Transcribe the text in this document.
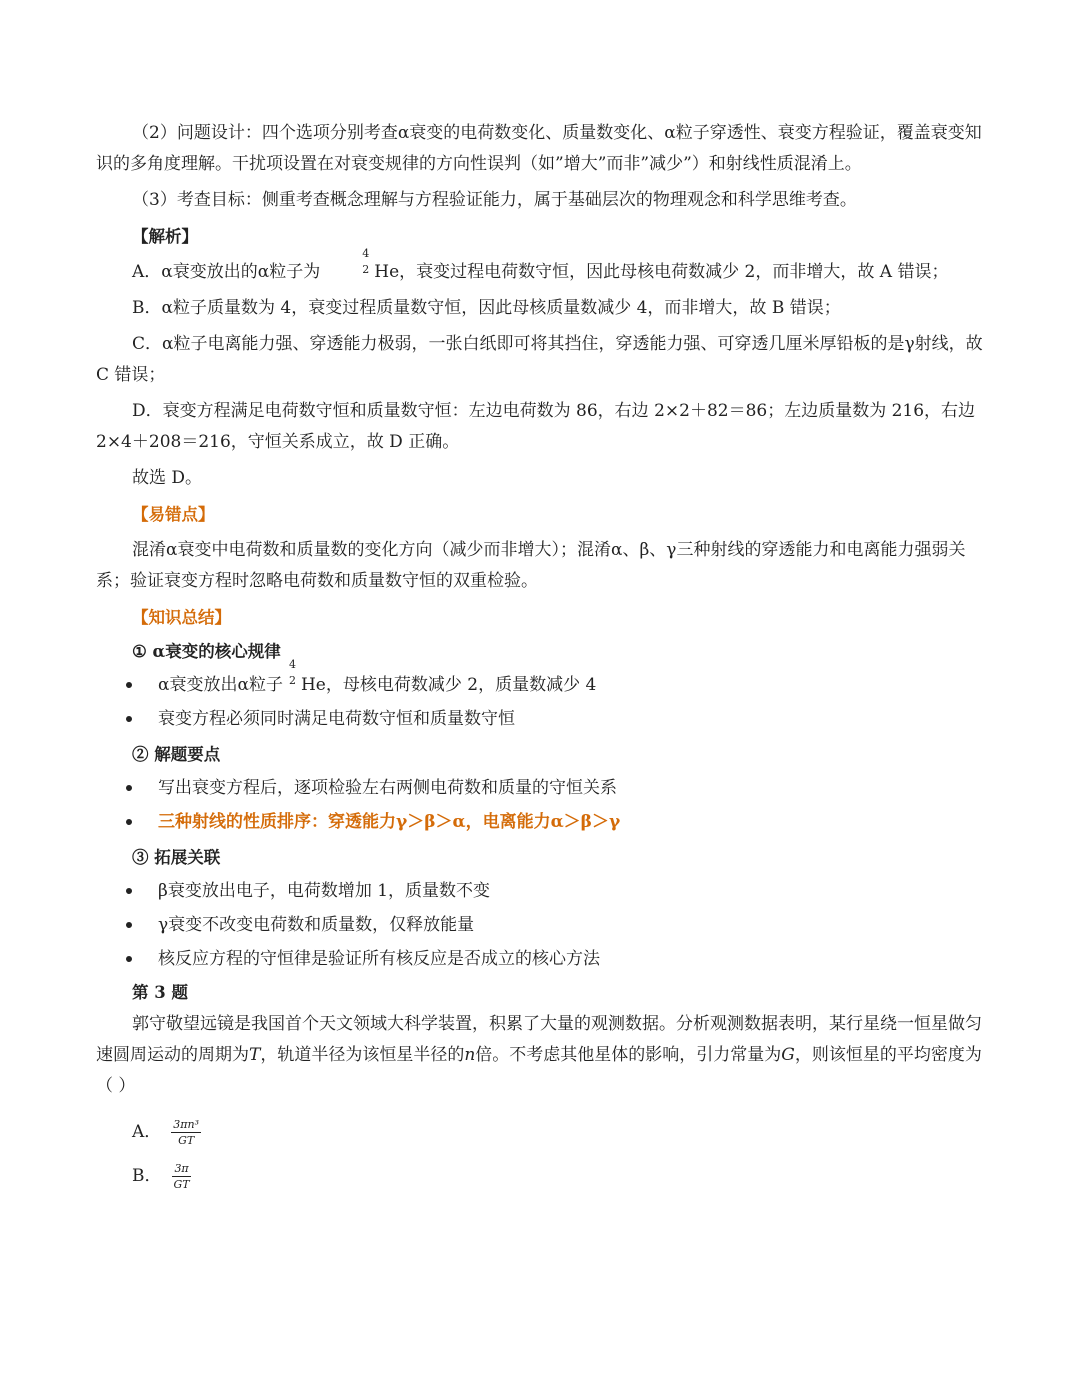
（2）问题设计：四个选项分别考查α衰变的电荷数变化、质量数变化、α粒子穿透性、衰变方程验证，覆盖衰变知识的多角度理解。干扰项设置在对衰变规律的方向性误判（如”增大”而非”减少”）和射线性质混淆上。

（3）考查目标：侧重考查概念理解与方程验证能力，属于基础层次的物理观念和科学思维考查。

【解析】

A．α衰变放出的α粒子为
4
2 He，衰变过程电荷数守恒，因此母核电荷数减少 2，而非增大，故 A 错误；

B．α粒子质量数为 4，衰变过程质量数守恒，因此母核质量数减少 4，而非增大，故 B 错误；

C．α粒子电离能力强、穿透能力极弱，一张白纸即可将其挡住，穿透能力强、可穿透几厘米厚铅板的是γ射线，故 C 错误；

D．衰变方程满足电荷数守恒和质量数守恒：左边电荷数为 86，右边 2×2＋82＝86；左边质量数为 216，右边 2×4＋208＝216，守恒关系成立，故 D 正确。

故选 D。

【易错点】

混淆α衰变中电荷数和质量数的变化方向（减少而非增大）；混淆α、β、γ三种射线的穿透能力和电离能力强弱关系；验证衰变方程时忽略电荷数和质量数守恒的双重检验。

【知识总结】

① α衰变的核心规律

α衰变放出α粒子
4
2 He，母核电荷数减少 2，质量数减少 4
衰变方程必须同时满足电荷数守恒和质量数守恒

② 解题要点

写出衰变方程后，逐项检验左右两侧电荷数和质量的守恒关系
三种射线的性质排序：穿透能力γ＞β＞α，电离能力α＞β＞γ

③ 拓展关联

β衰变放出电子，电荷数增加 1，质量数不变
γ衰变不改变电荷数和质量数，仅释放能量
核反应方程的守恒律是验证所有核反应是否成立的核心方法

第 3 题

郭守敬望远镜是我国首个天文领域大科学装置，积累了大量的观测数据。分析观测数据表明，某行星绕一恒星做匀速圆周运动的周期为T，轨道半径为该恒星半径的n倍。不考虑其他星体的影响，引力常量为G，则该恒星的平均密度为（ ）

A． $\frac{\text{3πn³}}{GT}$
B． $\frac{3\pi}{GT}$
